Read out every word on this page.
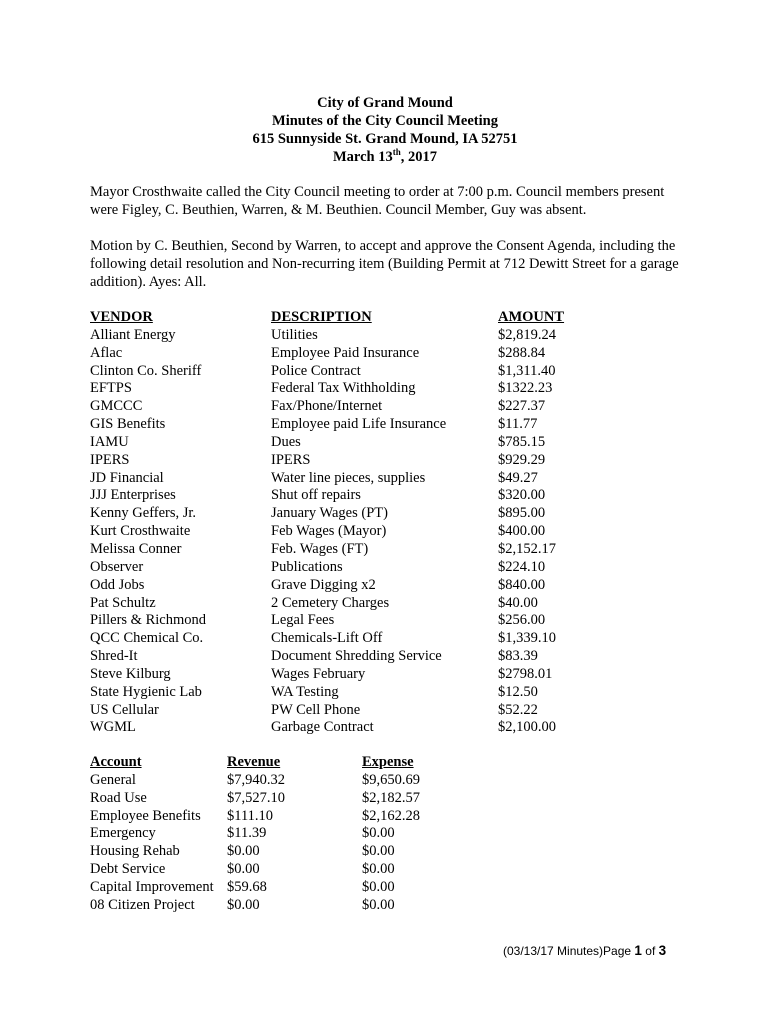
City of Grand Mound
Minutes of the City Council Meeting
615 Sunnyside St. Grand Mound, IA 52751
March 13th, 2017
Mayor Crosthwaite called the City Council meeting to order at 7:00 p.m. Council members present were Figley, C. Beuthien, Warren, & M. Beuthien. Council Member, Guy was absent.
Motion by C. Beuthien, Second by Warren, to accept and approve the Consent Agenda, including the following detail resolution and Non-recurring item (Building Permit at 712 Dewitt Street for a garage addition). Ayes: All.
VENDOR	DESCRIPTION	AMOUNT
Alliant Energy	Utilities	$2,819.24
Aflac	Employee Paid Insurance	$288.84
Clinton Co. Sheriff	Police Contract	$1,311.40
EFTPS	Federal Tax Withholding	$1322.23
GMCCC	Fax/Phone/Internet	$227.37
GIS Benefits	Employee paid Life Insurance	$11.77
IAMU	Dues	$785.15
IPERS	IPERS	$929.29
JD Financial	Water line pieces, supplies	$49.27
JJJ Enterprises	Shut off repairs	$320.00
Kenny Geffers, Jr.	January Wages (PT)	$895.00
Kurt Crosthwaite	Feb Wages (Mayor)	$400.00
Melissa Conner	Feb. Wages (FT)	$2,152.17
Observer	Publications	$224.10
Odd Jobs	Grave Digging x2	$840.00
Pat Schultz	2 Cemetery Charges	$40.00
Pillers & Richmond	Legal Fees	$256.00
QCC Chemical Co.	Chemicals-Lift Off	$1,339.10
Shred-It	Document Shredding Service	$83.39
Steve Kilburg	Wages February	$2798.01
State Hygienic Lab	WA Testing	$12.50
US Cellular	PW Cell Phone	$52.22
WGML	Garbage Contract	$2,100.00
Account	Revenue	Expense
General	$7,940.32	$9,650.69
Road Use	$7,527.10	$2,182.57
Employee Benefits $111.10	$2,162.28
Emergency	$11.39	$0.00
Housing Rehab	$0.00	$0.00
Debt Service	$0.00	$0.00
Capital Improvement $59.68	$0.00
08 Citizen Project $0.00	$0.00
(03/13/17 Minutes)Page 1 of 3
